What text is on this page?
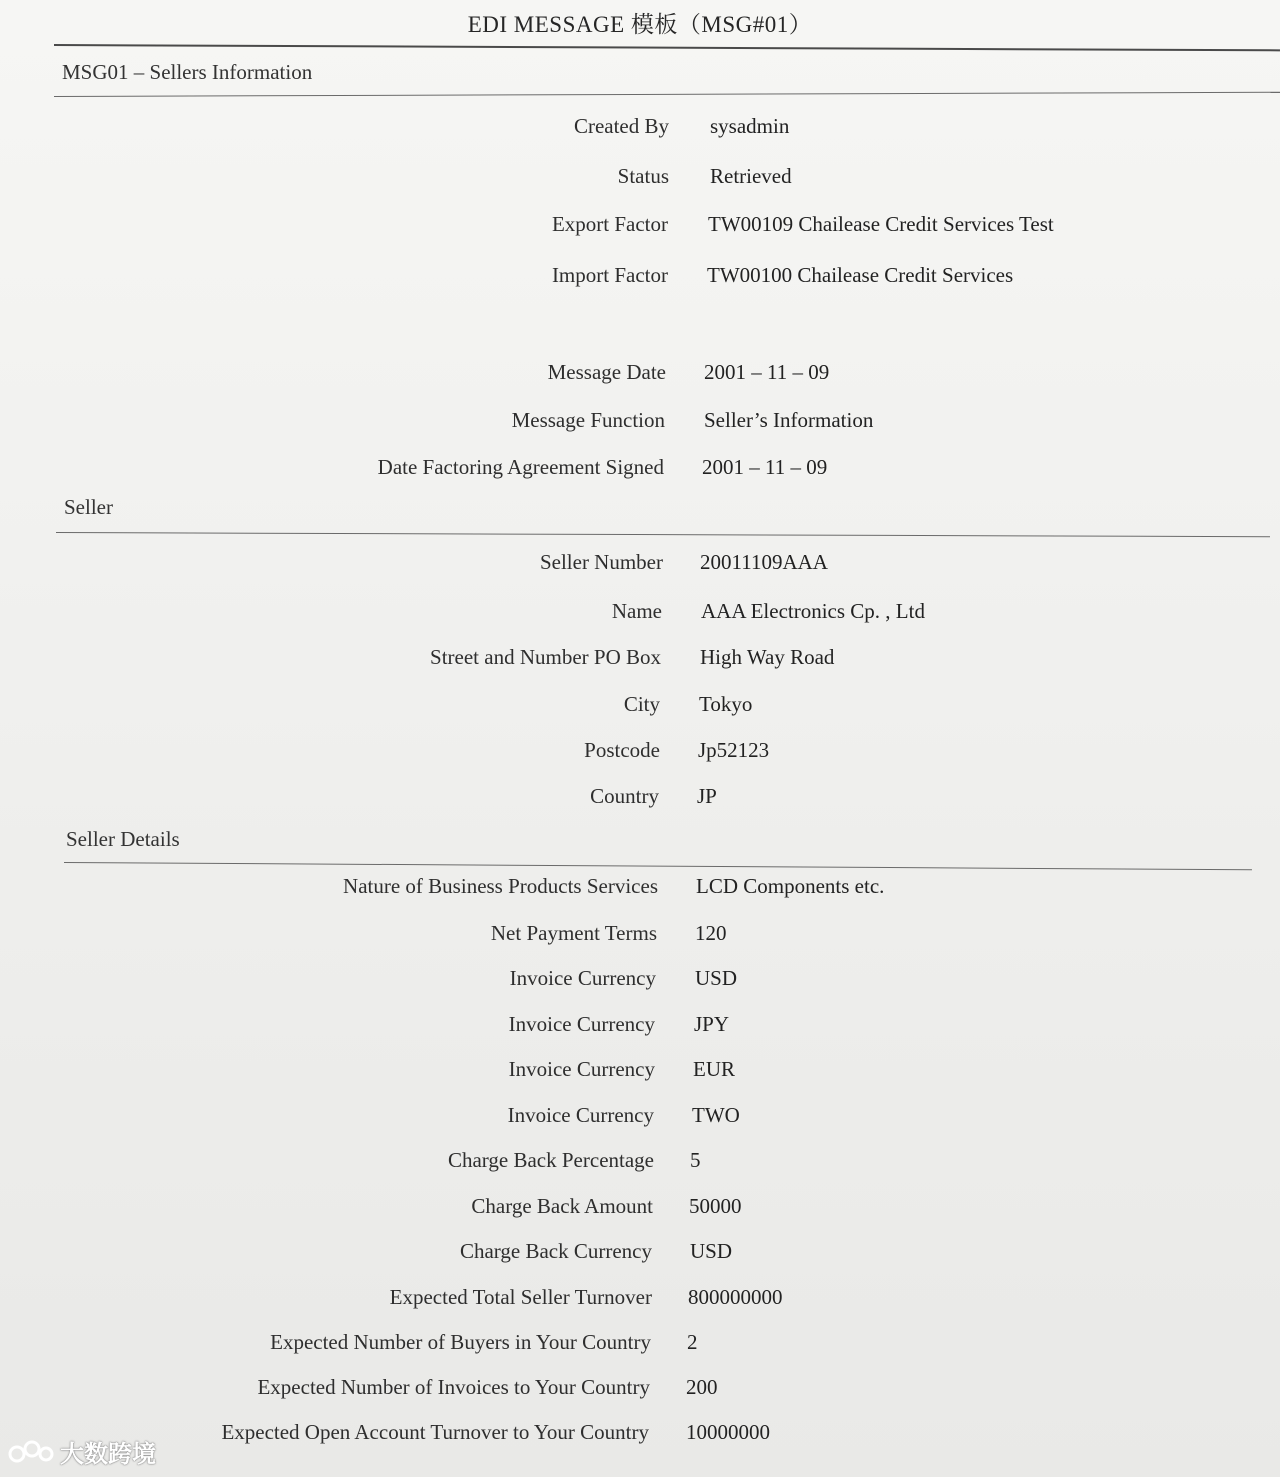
EDI MESSAGE 模板（MSG#01）
MSG01 – Sellers Information
Created By sysadmin
Status Retrieved
Export Factor TW00109 Chailease Credit Services Test
Import Factor TW00100 Chailease Credit Services
Message Date 2001 – 11 – 09
Message Function Seller’s Information
Date Factoring Agreement Signed 2001 – 11 – 09
Seller
Seller Number 20011109AAA
Name AAA Electronics Cp. , Ltd
Street and Number PO Box High Way Road
City Tokyo
Postcode Jp52123
Country JP
Seller Details
Nature of Business Products Services LCD Components etc.
Net Payment Terms 120
Invoice Currency USD
Invoice Currency JPY
Invoice Currency EUR
Invoice Currency TWO
Charge Back Percentage 5
Charge Back Amount 50000
Charge Back Currency USD
Expected Total Seller Turnover 800000000
Expected Number of Buyers in Your Country 2
Expected Number of Invoices to Your Country 200
Expected Open Account Turnover to Your Country 10000000
大数跨境
